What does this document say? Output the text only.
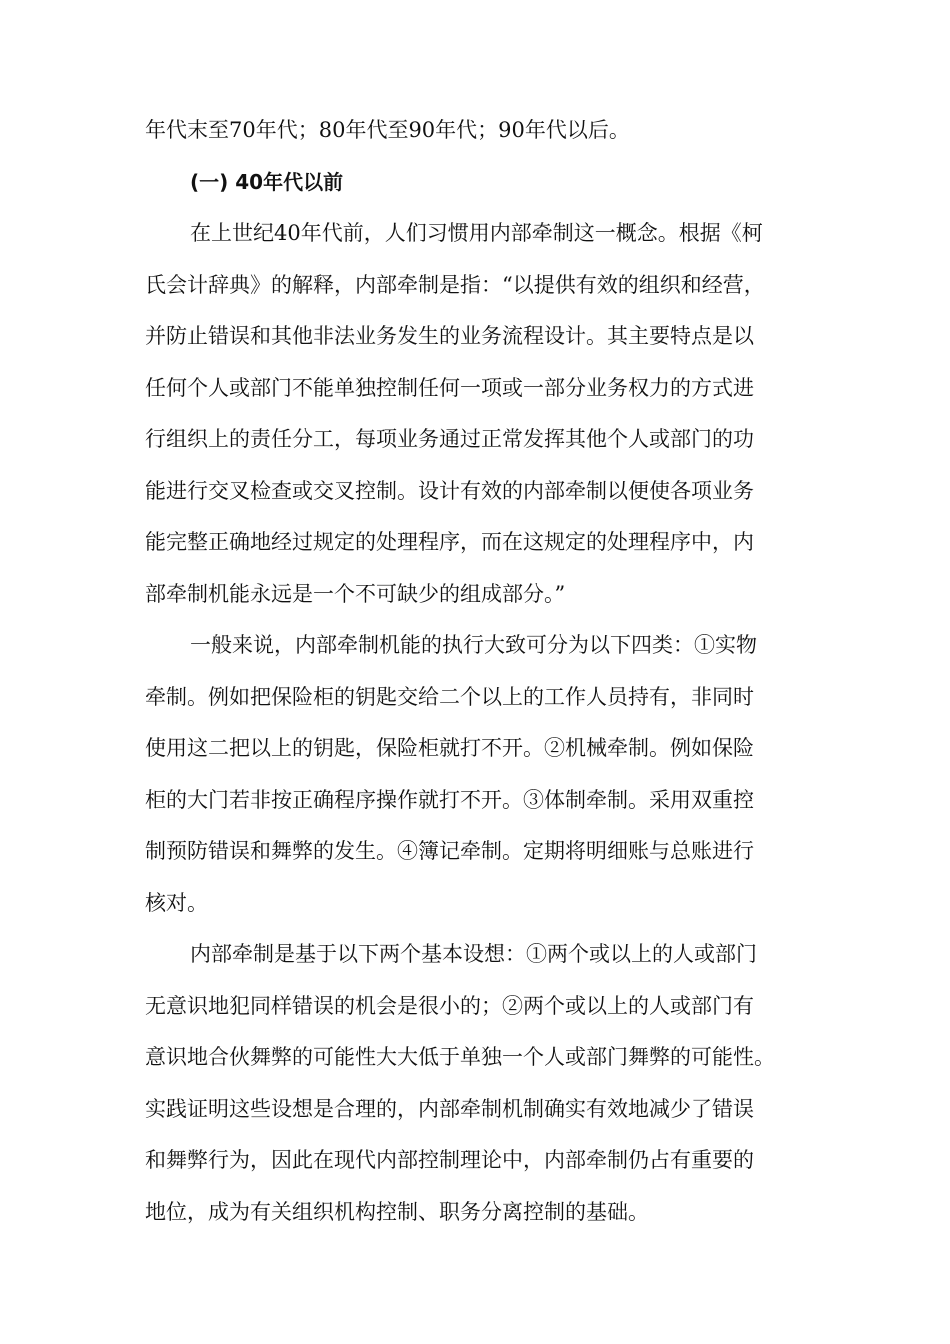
年代末至70年代；80年代至90年代；90年代以后。
(一) 40年代以前
在上世纪40年代前，人们习惯用内部牵制这一概念。根据《柯
氏会计辞典》的解释，内部牵制是指：“以提供有效的组织和经营，
并防止错误和其他非法业务发生的业务流程设计。其主要特点是以
任何个人或部门不能单独控制任何一项或一部分业务权力的方式进
行组织上的责任分工，每项业务通过正常发挥其他个人或部门的功
能进行交叉检查或交叉控制。设计有效的内部牵制以便使各项业务
能完整正确地经过规定的处理程序，而在这规定的处理程序中，内
部牵制机能永远是一个不可缺少的组成部分。”
一般来说，内部牵制机能的执行大致可分为以下四类：①实物
牵制。例如把保险柜的钥匙交给二个以上的工作人员持有，非同时
使用这二把以上的钥匙，保险柜就打不开。②机械牵制。例如保险
柜的大门若非按正确程序操作就打不开。③体制牵制。采用双重控
制预防错误和舞弊的发生。④簿记牵制。定期将明细账与总账进行
核对。
内部牵制是基于以下两个基本设想：①两个或以上的人或部门
无意识地犯同样错误的机会是很小的；②两个或以上的人或部门有
意识地合伙舞弊的可能性大大低于单独一个人或部门舞弊的可能性。
实践证明这些设想是合理的，内部牵制机制确实有效地减少了错误
和舞弊行为，因此在现代内部控制理论中，内部牵制仍占有重要的
地位，成为有关组织机构控制、职务分离控制的基础。
